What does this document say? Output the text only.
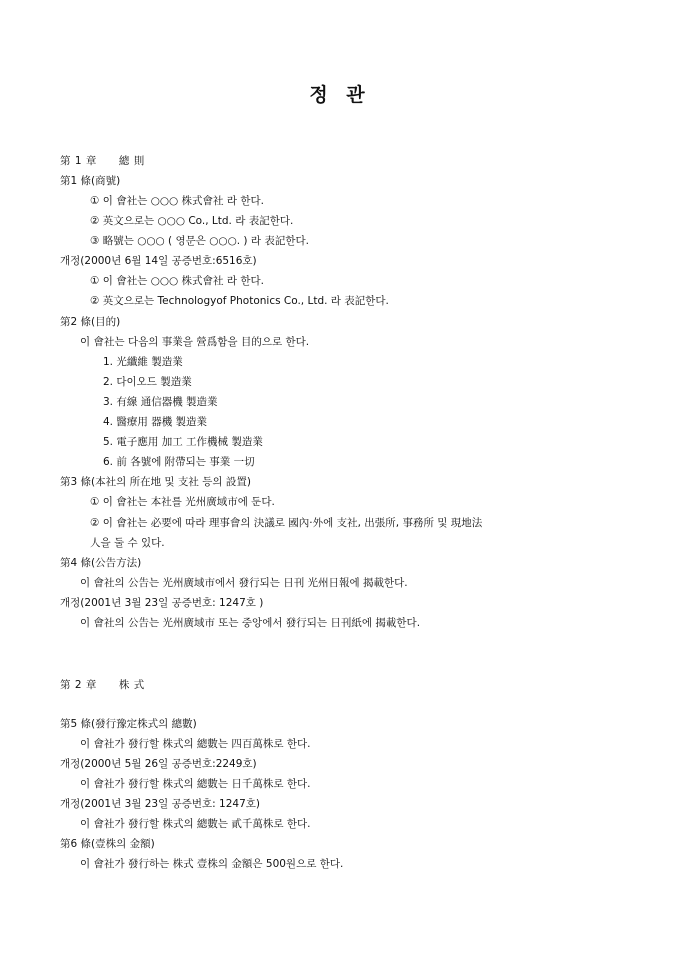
정 관
第 1 章　　總 則
第1 條(商號)
① 이 會社는 ○○○ 株式會社 라 한다.
② 英文으로는 ○○○ Co., Ltd. 라 表記한다.
③ 略號는 ○○○ ( 영문은 ○○○. ) 라 表記한다.
개정(2000년 6월 14일 공증번호:6516호)
① 이 會社는 ○○○ 株式會社 라 한다.
② 英文으로는 Technologyof Photonics Co., Ltd. 라 表記한다.
第2 條(目的)
이 會社는 다음의 事業을 營爲함을 目的으로 한다.
1. 光纖維 製造業
2. 다이오드 製造業
3. 有線 通信器機 製造業
4. 醫療用 器機 製造業
5. 電子應用 加工 工作機械 製造業
6. 前 各號에 附帶되는 事業 一切
第3 條(本社의 所在地 및 支社 등의 設置)
① 이 會社는 本社를 光州廣域市에 둔다.
② 이 會社는 必要에 따라 理事會의 決議로 國內·外에 支社, 出張所, 事務所 및 現地法
人을 둘 수 있다.
第4 條(公告方法)
이 會社의 公告는 光州廣域市에서 發行되는 日刊 光州日報에 揭載한다.
개정(2001년 3월 23일 공증번호: 1247호 )
이 會社의 公告는 光州廣域市 또는 중앙에서 發行되는 日刊紙에 揭載한다.
第 2 章　　株 式
第5 條(發行豫定株式의 總數)
이 會社가 發行할 株式의 總數는 四百萬株로 한다.
개정(2000년 5월 26일 공증번호:2249호)
이 會社가 發行할 株式의 總數는 日千萬株로 한다.
개정(2001년 3월 23일 공증번호: 1247호)
이 會社가 發行할 株式의 總數는 貳千萬株로 한다.
第6 條(壹株의 金額)
이 會社가 發行하는 株式 壹株의 金額은 500원으로 한다.
